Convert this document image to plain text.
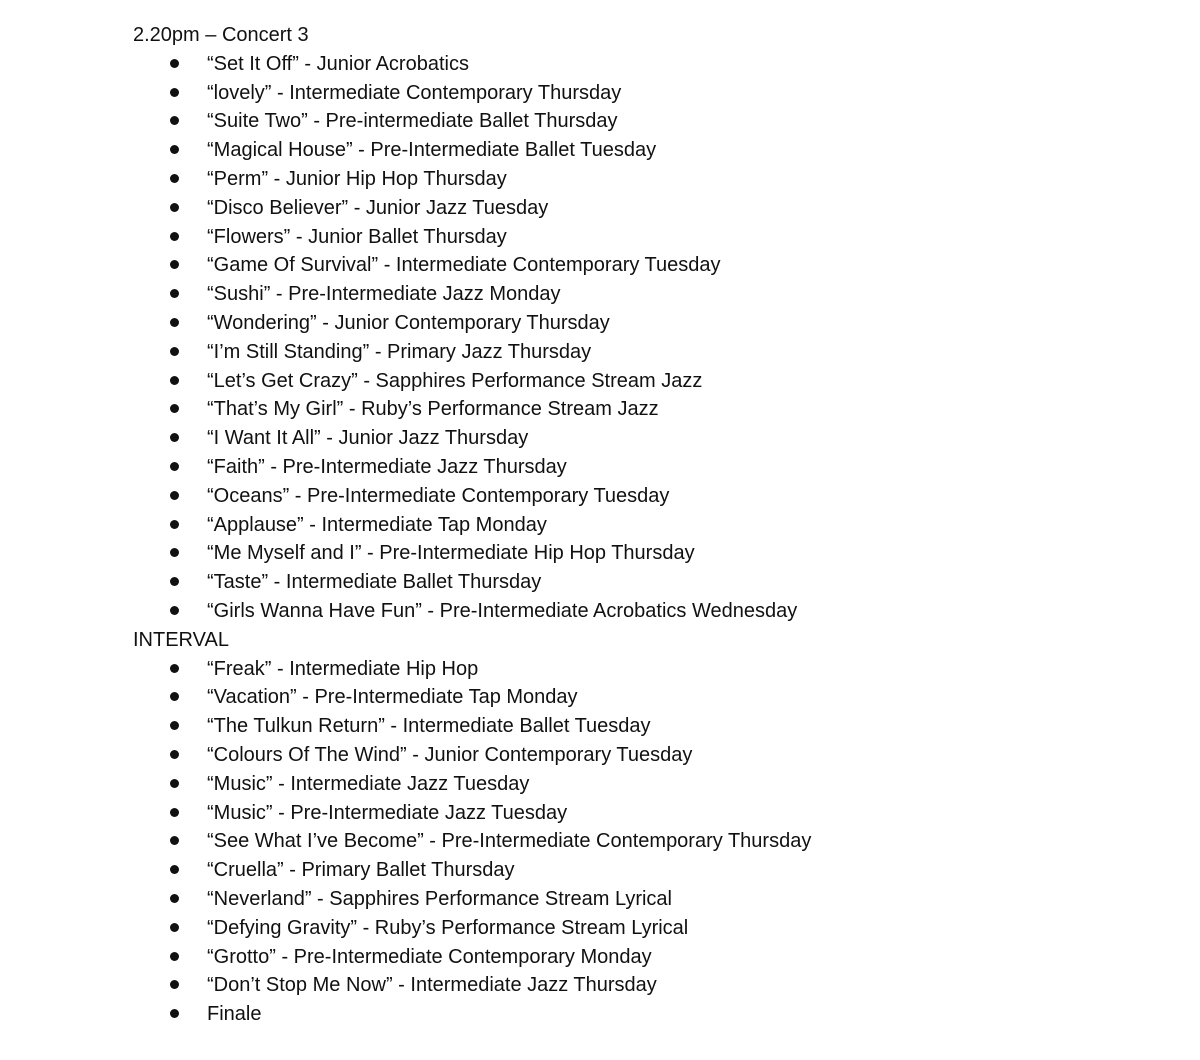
2.20pm – Concert 3
“Set It Off” - Junior Acrobatics
“lovely” - Intermediate Contemporary Thursday
“Suite Two” - Pre-intermediate Ballet Thursday
“Magical House” - Pre-Intermediate Ballet Tuesday
“Perm” - Junior Hip Hop Thursday
“Disco Believer” - Junior Jazz Tuesday
“Flowers” - Junior Ballet Thursday
“Game Of Survival” - Intermediate Contemporary Tuesday
“Sushi” - Pre-Intermediate Jazz Monday
“Wondering” - Junior Contemporary Thursday
“I’m Still Standing” - Primary Jazz Thursday
“Let’s Get Crazy” - Sapphires Performance Stream Jazz
“That’s My Girl” - Ruby’s Performance Stream Jazz
“I Want It All” - Junior Jazz Thursday
“Faith” - Pre-Intermediate Jazz Thursday
“Oceans” - Pre-Intermediate Contemporary Tuesday
“Applause” - Intermediate Tap Monday
“Me Myself and I” - Pre-Intermediate Hip Hop Thursday
“Taste” - Intermediate Ballet Thursday
“Girls Wanna Have Fun” - Pre-Intermediate Acrobatics Wednesday
INTERVAL
“Freak” - Intermediate Hip Hop
“Vacation” - Pre-Intermediate Tap Monday
“The Tulkun Return” - Intermediate Ballet Tuesday
“Colours Of The Wind” - Junior Contemporary Tuesday
“Music” - Intermediate Jazz Tuesday
“Music” - Pre-Intermediate Jazz Tuesday
“See What I’ve Become” - Pre-Intermediate Contemporary Thursday
“Cruella” - Primary Ballet Thursday
“Neverland” - Sapphires Performance Stream Lyrical
“Defying Gravity” - Ruby’s Performance Stream Lyrical
“Grotto” - Pre-Intermediate Contemporary Monday
“Don’t Stop Me Now” - Intermediate Jazz Thursday
Finale
